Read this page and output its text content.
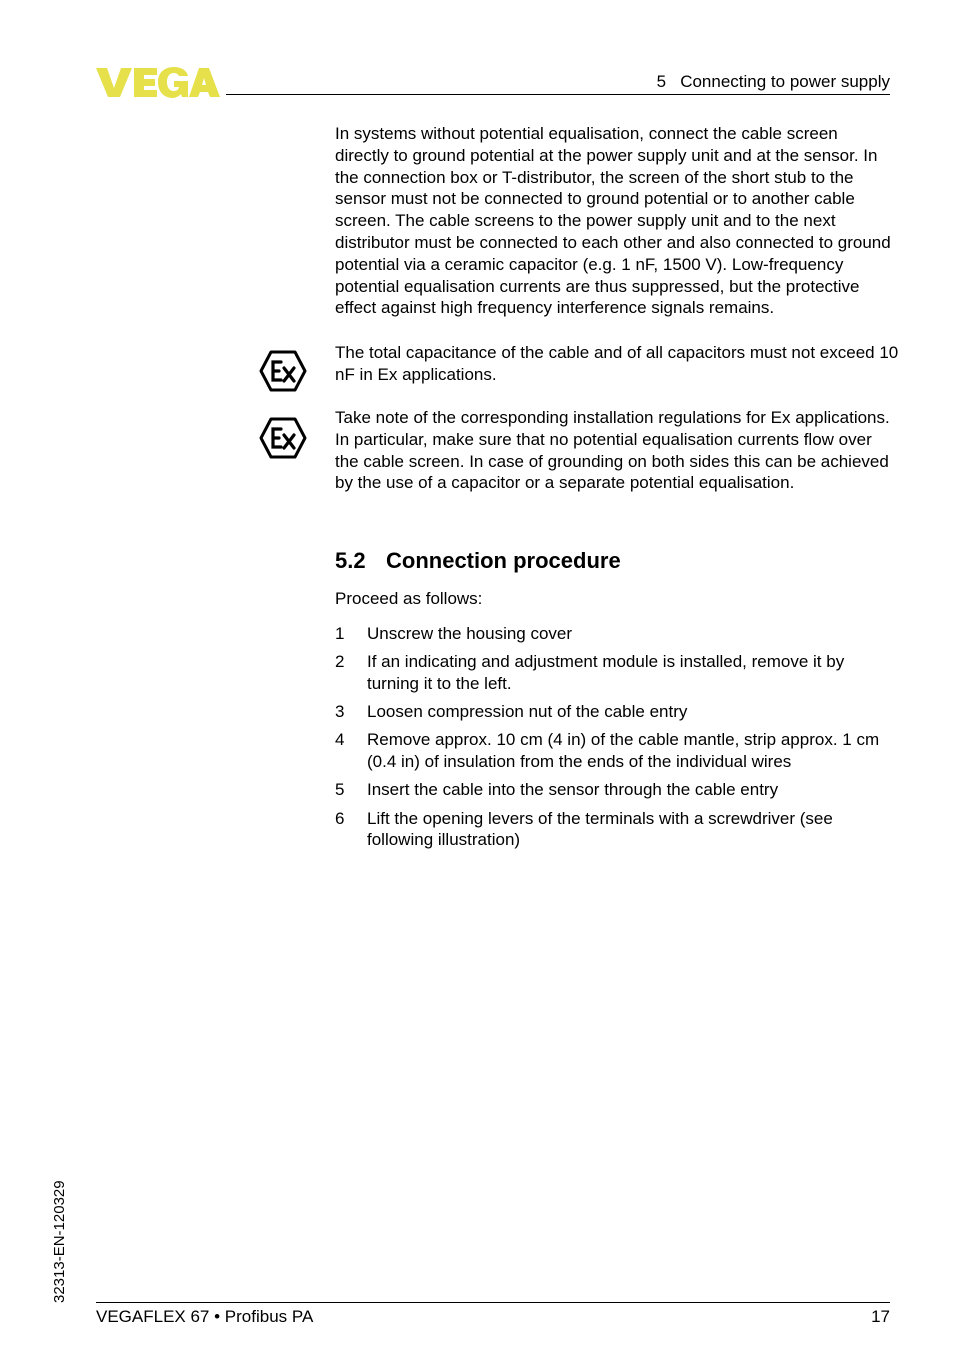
5   Connecting to power supply
In systems without potential equalisation, connect the cable screen directly to ground potential at the power supply unit and at the sensor. In the connection box or T-distributor, the screen of the short stub to the sensor must not be connected to ground potential or to another cable screen. The cable screens to the power supply unit and to the next distributor must be connected to each other and also connected to ground potential via a ceramic capacitor (e.g. 1 nF, 1500 V). Low-frequency potential equalisation currents are thus suppressed, but the protective effect against high frequency interference signals remains.
The total capacitance of the cable and of all capacitors must not exceed 10 nF in Ex applications.
Take note of the corresponding installation regulations for Ex applications. In particular, make sure that no potential equalisation currents flow over the cable screen. In case of grounding on both sides this can be achieved by the use of a capacitor or a separate potential equalisation.
5.2 Connection procedure
Proceed as follows:
1	Unscrew the housing cover
2	If an indicating and adjustment module is installed, remove it by turning it to the left.
3	Loosen compression nut of the cable entry
4	Remove approx. 10 cm (4 in) of the cable mantle, strip approx. 1 cm (0.4 in) of insulation from the ends of the individual wires
5	Insert the cable into the sensor through the cable entry
6	Lift the opening levers of the terminals with a screwdriver (see following illustration)
32313-EN-120329
VEGAFLEX 67 • Profibus PA	17
